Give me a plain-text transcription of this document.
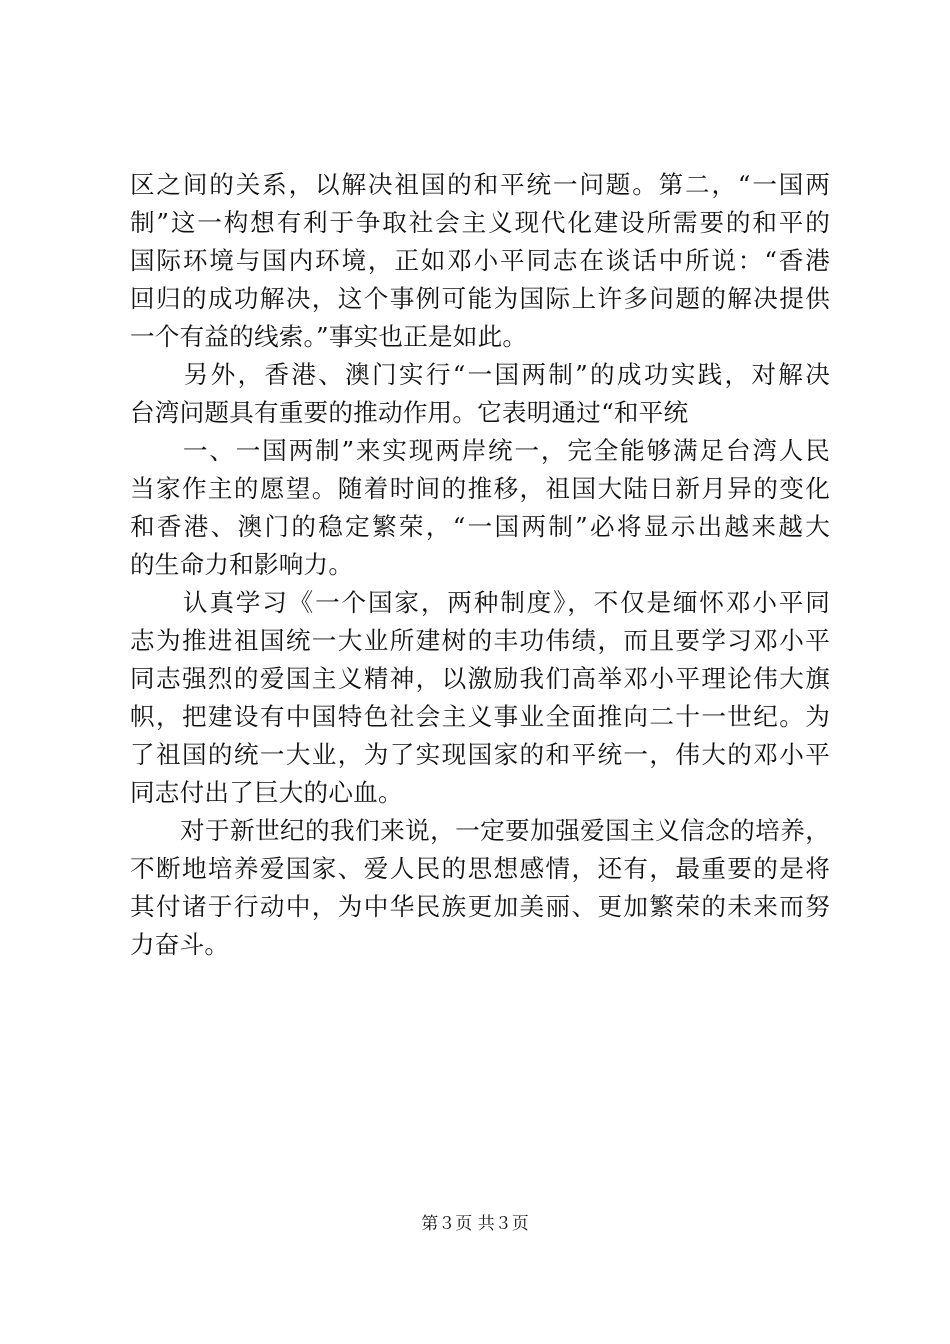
区之间的关系，以解决祖国的和平统一问题。第二，“一国两
制”这一构想有利于争取社会主义现代化建设所需要的和平的
国际环境与国内环境，正如邓小平同志在谈话中所说：“香港
回归的成功解决，这个事例可能为国际上许多问题的解决提供
一个有益的线索。”事实也正是如此。
　　另外，香港、澳门实行“一国两制”的成功实践，对解决
台湾问题具有重要的推动作用。它表明通过“和平统
　　一、一国两制”来实现两岸统一，完全能够满足台湾人民
当家作主的愿望。随着时间的推移，祖国大陆日新月异的变化
和香港、澳门的稳定繁荣，“一国两制”必将显示出越来越大
的生命力和影响力。
　　认真学习《一个国家，两种制度》，不仅是缅怀邓小平同
志为推进祖国统一大业所建树的丰功伟绩，而且要学习邓小平
同志强烈的爱国主义精神，以激励我们高举邓小平理论伟大旗
帜，把建设有中国特色社会主义事业全面推向二十一世纪。为
了祖国的统一大业，为了实现国家的和平统一，伟大的邓小平
同志付出了巨大的心血。
　　对于新世纪的我们来说，一定要加强爱国主义信念的培养，
不断地培养爱国家、爱人民的思想感情，还有，最重要的是将
其付诸于行动中，为中华民族更加美丽、更加繁荣的未来而努
力奋斗。
第３页 共３页
